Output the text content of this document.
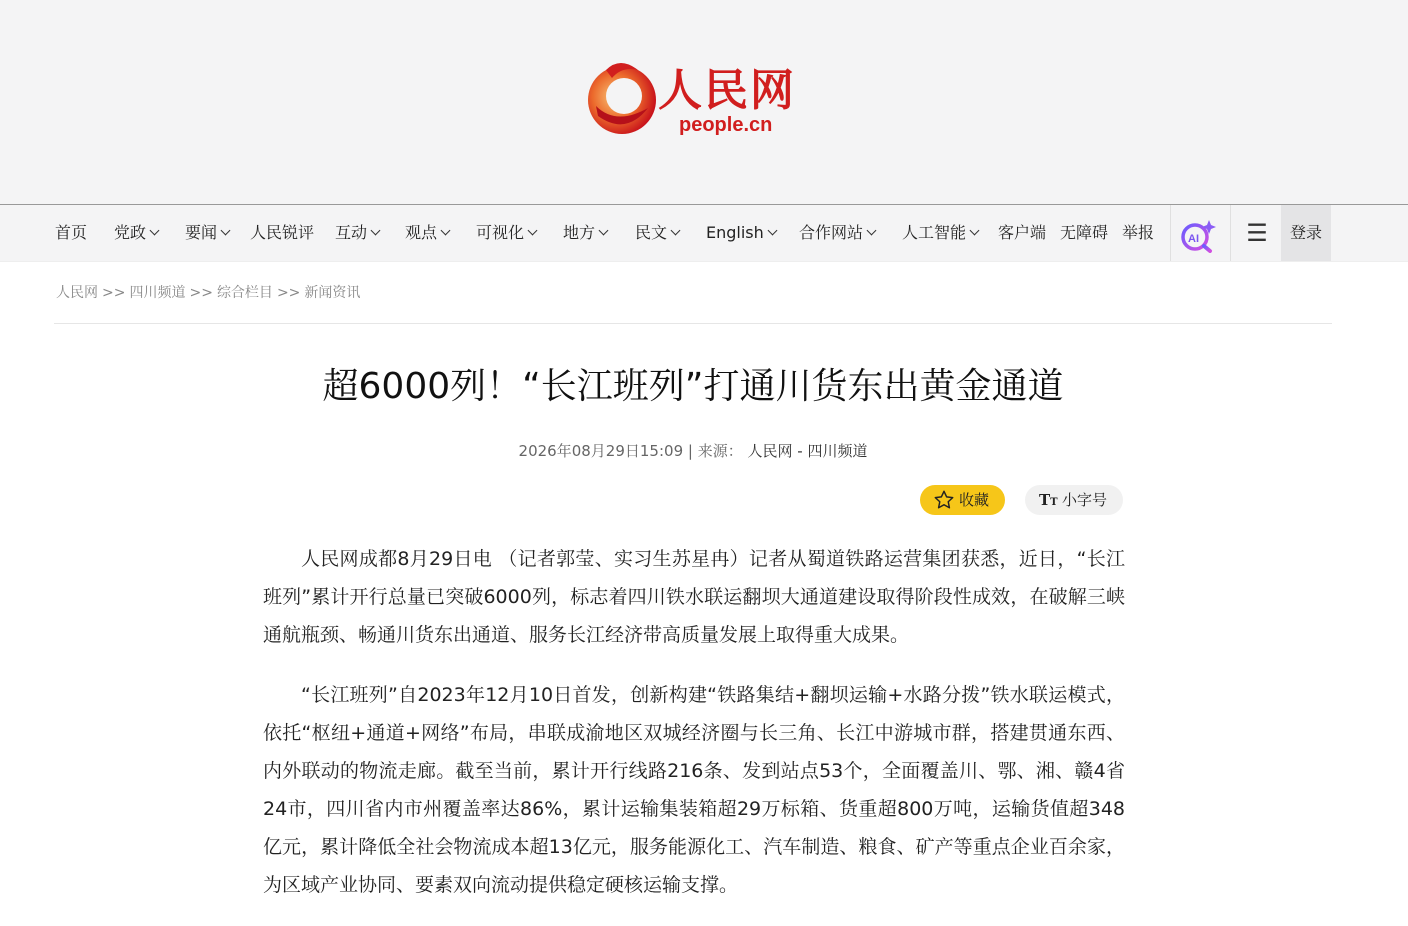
人民网
people.cn
首页 党政	要闻	人民锐评 互动	观点	可视化	地方	民文	English	合作网站	人工智能	客户端 无障碍 举报	AI ☰	登录
人民网 >> 四川频道 >> 综合栏目 >> 新闻资讯
超6000列！“长江班列”打通川货东出黄金通道
2026年08月29日15:09 | 来源： 人民网 - 四川频道
收藏	TT 小字号

人民网成都8月29日电 （记者郭莹、实习生苏星冉）记者从蜀道铁路运营集团获悉，近日，“长江班列”累计开行总量已突破6000列，标志着四川铁水联运翻坝大通道建设取得阶段性成效，在破解三峡通航瓶颈、畅通川货东出通道、服务长江经济带高质量发展上取得重大成果。

“长江班列”自2023年12月10日首发，创新构建“铁路集结+翻坝运输+水路分拨”铁水联运模式，依托“枢纽+通道+网络”布局，串联成渝地区双城经济圈与长三角、长江中游城市群，搭建贯通东西、内外联动的物流走廊。截至当前，累计开行线路216条、发到站点53个，全面覆盖川、鄂、湘、赣4省24市，四川省内市州覆盖率达86%，累计运输集装箱超29万标箱、货重超800万吨，运输货值超348亿元，累计降低全社会物流成本超13亿元，服务能源化工、汽车制造、粮食、矿产等重点企业百余家，为区域产业协同、要素双向流动提供稳定硬核运输支撑。
